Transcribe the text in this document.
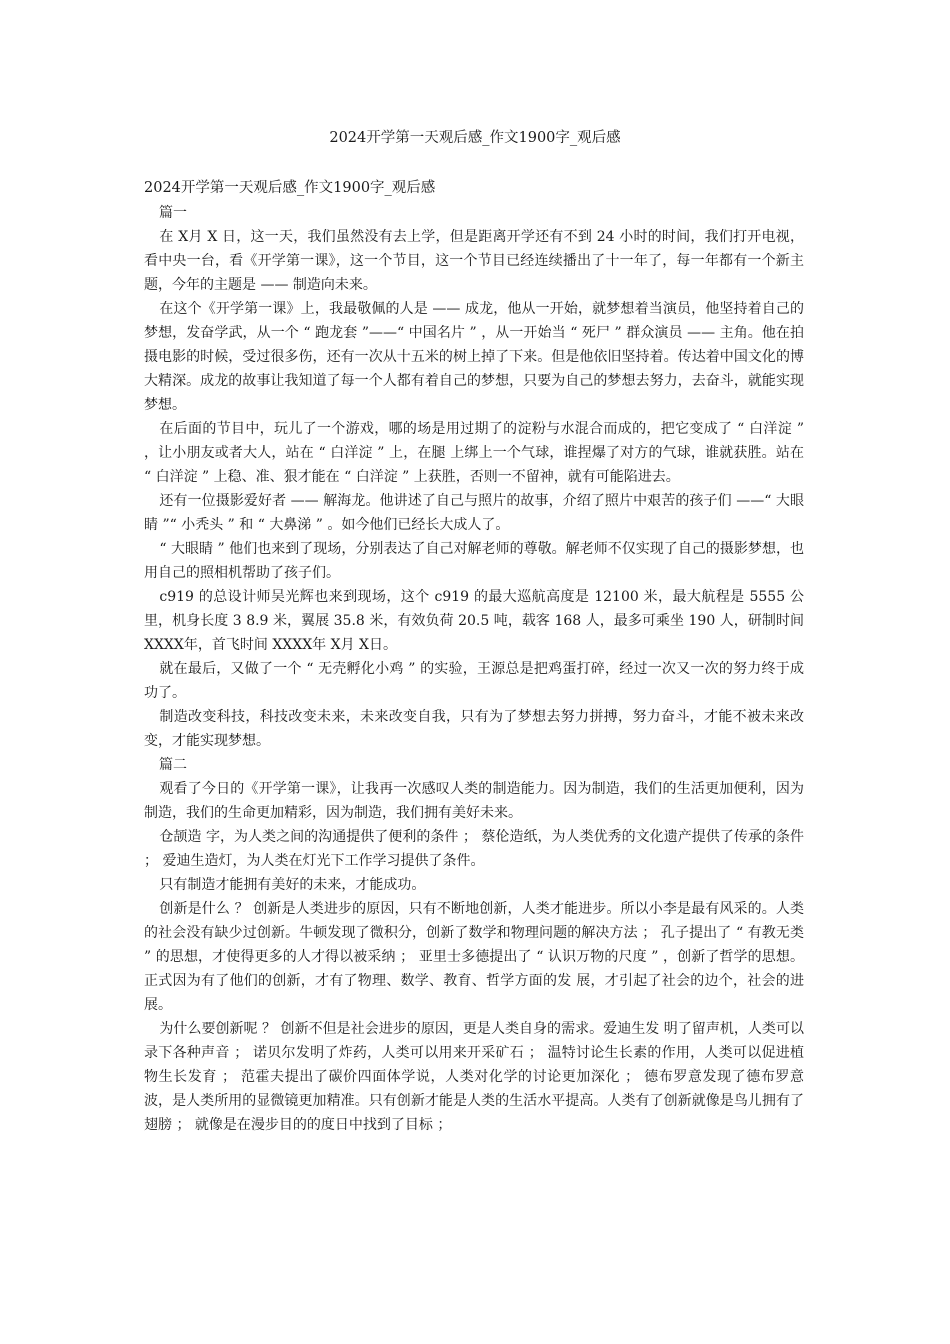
2024开学第一天观后感_作文1900字_观后感

2024开学第一天观后感_作文1900字_观后感

篇一

在 X月 X 日，这一天，我们虽然没有去上学，但是距离开学还有不到 24 小时的时间，我们打开电视，看中央一台，看《开学第一课》，这一个节目，这一个节目已经连续播出了十一年了，每一年都有一个新主题，今年的主题是 —— 制造向未来。

在这个《开学第一课》上，我最敬佩的人是 —— 成龙，他从一开始，就梦想着当演员，他坚持着自己的梦想，发奋学武，从一个 “ 跑龙套 ”——“ 中国名片 ” ，从一开始当 “ 死尸 ” 群众演员 —— 主角。他在拍摄电影的时候，受过很多伤，还有一次从十五米的树上掉了下来。但是他依旧坚持着。传达着中国文化的博大精深。成龙的故事让我知道了每一个人都有着自己的梦想，只要为自己的梦想去努力，去奋斗，就能实现梦想。

在后面的节目中，玩儿了一个游戏，哪的场是用过期了的淀粉与水混合而成的，把它变成了 “ 白洋淀 ” ，让小朋友或者大人，站在 “ 白洋淀 ” 上，在腿 上绑上一个气球，谁捏爆了对方的气球，谁就获胜。站在 “ 白洋淀 ” 上稳、准、狠才能在 “ 白洋淀 ” 上获胜，否则一不留神，就有可能陷进去。

还有一位摄影爱好者 —— 解海龙。他讲述了自己与照片的故事，介绍了照片中艰苦的孩子们 ——“ 大眼睛 ”“ 小秃头 ” 和 “ 大鼻涕 ” 。如今他们已经长大成人了。

“ 大眼睛 ” 他们也来到了现场，分别表达了自己对解老师的尊敬。解老师不仅实现了自己的摄影梦想，也用自己的照相机帮助了孩子们。

c919 的总设计师吴光辉也来到现场，这个 c919 的最大巡航高度是 12100 米，最大航程是 5555 公里，机身长度 3 8.9 米，翼展 35.8 米，有效负荷 20.5 吨，载客 168 人，最多可乘坐 190 人，研制时间 XXXX年，首飞时间 XXXX年 X月 X日。

就在最后，又做了一个 “ 无壳孵化小鸡 ” 的实验，王源总是把鸡蛋打碎，经过一次又一次的努力终于成功了。

制造改变科技，科技改变未来，未来改变自我，只有为了梦想去努力拼搏，努力奋斗，才能不被未来改变，才能实现梦想。

篇二

观看了今日的《开学第一课》，让我再一次感叹人类的制造能力。因为制造，我们的生活更加便利，因为制造，我们的生命更加精彩，因为制造，我们拥有美好未来。

仓颉造 字，为人类之间的沟通提供了便利的条件 ； 蔡伦造纸，为人类优秀的文化遗产提供了传承的条件 ； 爱迪生造灯，为人类在灯光下工作学习提供了条件。

只有制造才能拥有美好的未来，才能成功。

创新是什么 ？ 创新是人类进步的原因，只有不断地创新，人类才能进步。所以小李是最有风采的。人类的社会没有缺少过创新。牛顿发现了微积分，创新了数学和物理问题的解决方法 ； 孔子提出了 “ 有教无类 ” 的思想，才使得更多的人才得以被采纳 ； 亚里士多德提出了 “ 认识万物的尺度 ” ，创新了哲学的思想。正式因为有了他们的创新，才有了物理、数学、教育、哲学方面的发 展，才引起了社会的边个，社会的进展。

为什么要创新呢 ？ 创新不但是社会进步的原因，更是人类自身的需求。爱迪生发 明了留声机，人类可以录下各种声音 ； 诺贝尔发明了炸药，人类可以用来开采矿石 ； 温特讨论生长素的作用，人类可以促进植物生长发育 ； 范霍夫提出了碳价四面体学说，人类对化学的讨论更加深化 ； 德布罗意发现了德布罗意波，是人类所用的显微镜更加精准。只有创新才能是人类的生活水平提高。人类有了创新就像是鸟儿拥有了翅膀 ； 就像是在漫步目的的度日中找到了目标 ；
